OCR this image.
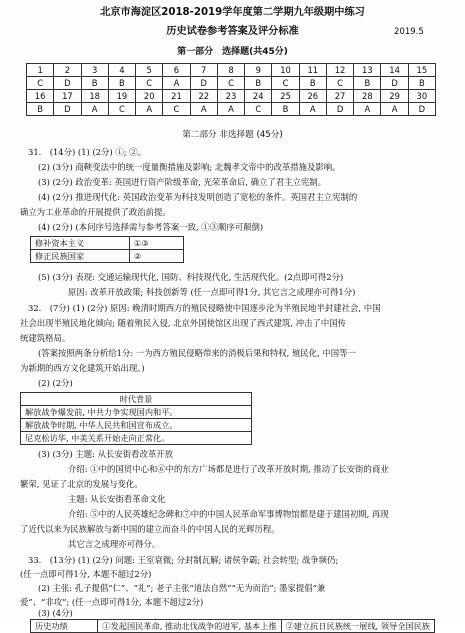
北京市海淀区2018-2019学年度第二学期九年级期中练习
历史试卷参考答案及评分标准	2019.5
第一部分　选择题(共45分)
1	2	3	4	5	6	7	8	9	10	11	12	13	14	15
C	D	B	B	C	A	D	C	B	C	B	C	B	D	B
16	17	18	19	20	21	22	23	24	25	26	27	28	29	30
B	D	A	C	A	C	A	A	C	B	A	D	A	A	D
第二部分 非选择题 (45分)
31.　(14分) (1) (2分) ①; ②。
(2) (3分) 商鞅变法中的统一度量衡措施及影响; 北魏孝文帝中的改革措施及影响。
(3) (2分) 政治变革: 英国进行资产阶级革命, 光荣革命后, 确立了君主立宪制。
(4) (2分) 推进现代化: 英国政治变革为科技发明创造了宽松的条件。英国君主立宪制的
确立为工业革命的开展提供了政治前提。
(4) (2分) (本问序号选择需与参考答案一致, ①③顺序可颠倒)
修补资本主义	①③
修正民族国家	②
(5) (3分) 表现: 交通运输现代化, 国防、科技现代化, 生活现代化。(2点即可得2分)
原因: 改革开放政策; 科技创新等 (任一点即可得1分, 其它言之成理亦可得1分)
32.　(7分) (1) (2分) 原因: 晚清时期西方的殖民侵略使中国逐步沦为半殖民地半封建社会, 中国
社会出现半殖民地化倾向; 随着殖民入侵, 北京外国使馆区出现了西式建筑, 冲击了中国传
统建筑格局。
(答案按照两条分析给1分: 一为西方殖民侵略带来的消极后果和特权, 殖民化, 中国等一
为新期的西方文化建筑开始出现。)
(2) (2分)
时代背景
解放战争爆发前, 中共力争实现国内和平。
解放战争时期, 中华人民共和国宣布成立。
尼克松访华, 中美关系开始走向正常化。
(3) (3分) 主题: 从长安街看改革开放
介绍: ①中的国贸中心和⑥中的东方广场都是进行了改革开放时期, 推动了长安街的商业
繁荣, 见证了北京的发展与变化。
主题: 从长安街看革命文化
介绍: ⑤中的人民英雄纪念碑和⑦中的中国人民革命军事博物馆都是建于建国初期, 再现
了近代以来为民族解放与新中国的建立而奋斗的中国人民的光辉历程。
其它言之成理亦可得分。
33.　(13分) (1) (2分) 问题: 王室衰微; 分封制瓦解; 诸侯争霸; 社会转型; 战争频仍;
(任一点即可得1分, 本题不超过2分)
(2) 主张: 孔子提倡“仁”、“礼”; 老子主张“道法自然”“无为而治”; 墨家提倡“兼
爱”、“非攻”; (任一点即可得1分, 本题不超过2分)
(3) (4分)
历史功绩	①发起国民革命, 推动北伐战争的进军, 基本上推	②建立抗日民族统一展线, 领导全国民族
